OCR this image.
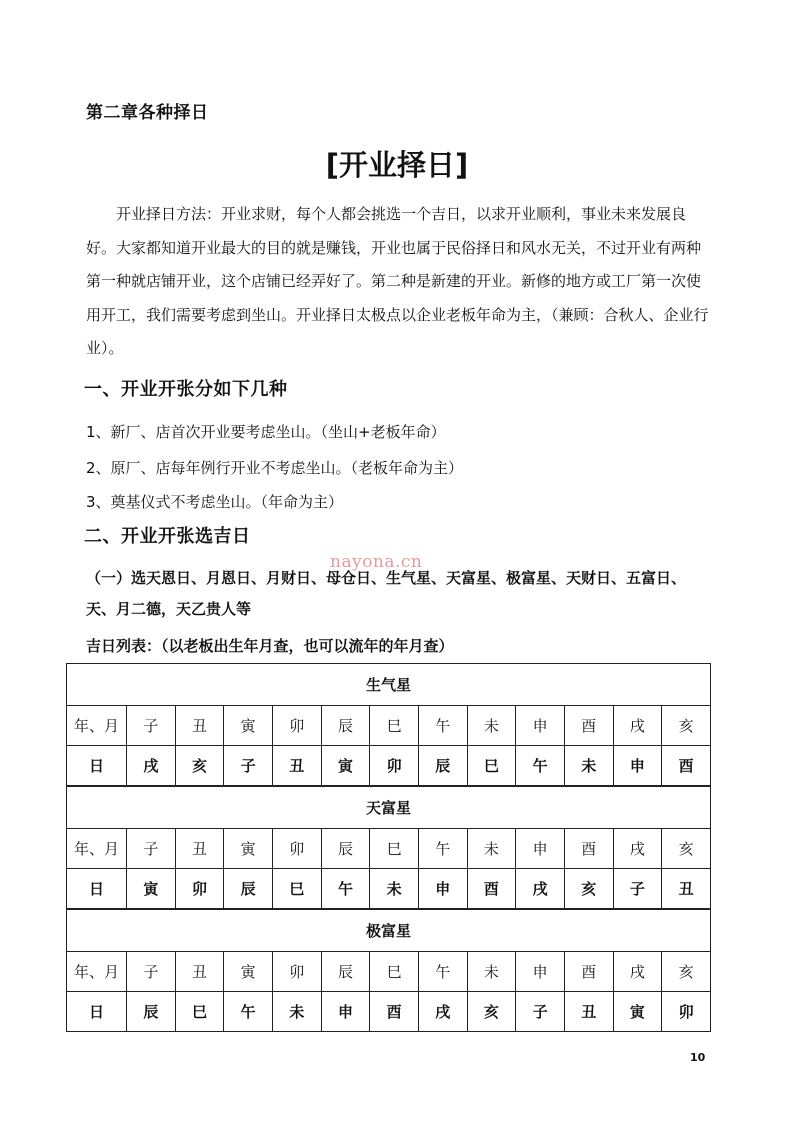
第二章各种择日
[开业择日]

开业择日方法：开业求财，每个人都会挑选一个吉日，以求开业顺利，事业未来发展良好。大家都知道开业最大的目的就是赚钱，开业也属于民俗择日和风水无关，不过开业有两种第一种就店铺开业，这个店铺已经弄好了。第二种是新建的开业。新修的地方或工厂第一次使用开工，我们需要考虑到坐山。开业择日太极点以企业老板年命为主，（兼顾：合秋人、企业行业）。

一、开业开张分如下几种
1、新厂、店首次开业要考虑坐山。（坐山+老板年命）
2、原厂、店每年例行开业不考虑坐山。（老板年命为主）
3、奠基仪式不考虑坐山。（年命为主）
二、开业开张选吉日
nayona.cn
（一）选天恩日、月恩日、月财日、母仓日、生气星、天富星、极富星、天财日、五富日、天、月二德，天乙贵人等
吉日列表：（以老板出生年月查，也可以流年的年月查）
生气星												
年、月	子	丑	寅	卯	辰	巳	午	未	申	酉	戌	亥
日	戌	亥	子	丑	寅	卯	辰	巳	午	未	申	酉
天富星												
年、月	子	丑	寅	卯	辰	巳	午	未	申	酉	戌	亥
日	寅	卯	辰	巳	午	未	申	酉	戌	亥	子	丑
极富星												
年、月	子	丑	寅	卯	辰	巳	午	未	申	酉	戌	亥
日	辰	巳	午	未	申	酉	戌	亥	子	丑	寅	卯
10
